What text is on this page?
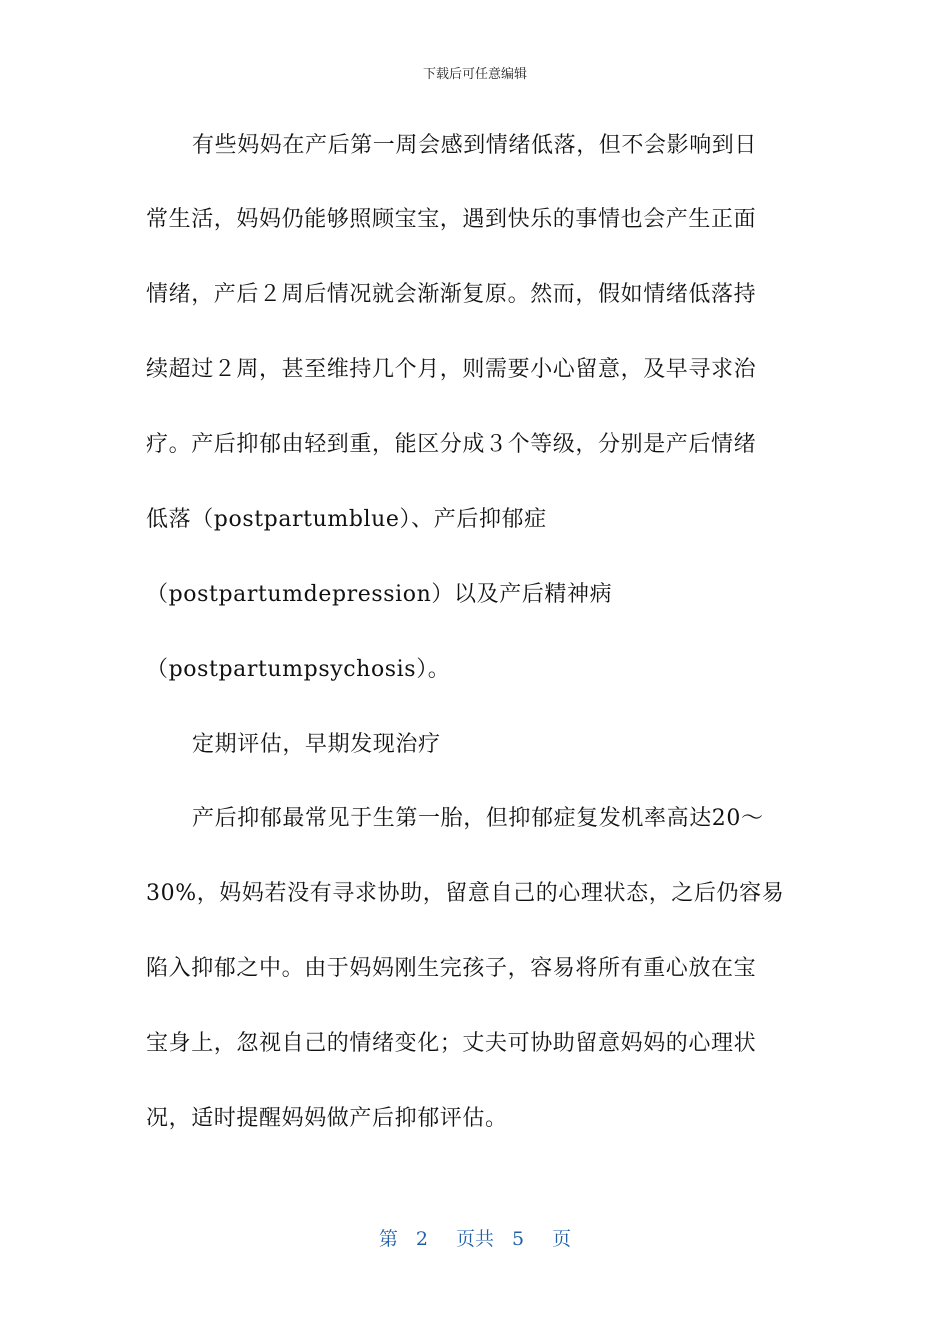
下载后可任意编辑
有些妈妈在产后第一周会感到情绪低落，但不会影响到日
常生活，妈妈仍能够照顾宝宝，遇到快乐的事情也会产生正面
情绪，产后２周后情况就会渐渐复原。然而，假如情绪低落持
续超过２周，甚至维持几个月，则需要小心留意，及早寻求治
疗。产后抑郁由轻到重，能区分成３个等级，分别是产后情绪
低落（postpartumblue）、产后抑郁症
（postpartumdepression）以及产后精神病
（postpartumpsychosis）。
定期评估，早期发现治疗
产后抑郁最常见于生第一胎，但抑郁症复发机率高达20～
30%，妈妈若没有寻求协助，留意自己的心理状态，之后仍容易
陷入抑郁之中。由于妈妈刚生完孩子，容易将所有重心放在宝
宝身上，忽视自己的情绪变化；丈夫可协助留意妈妈的心理状
况，适时提醒妈妈做产后抑郁评估。
第 2 页共 5 页
